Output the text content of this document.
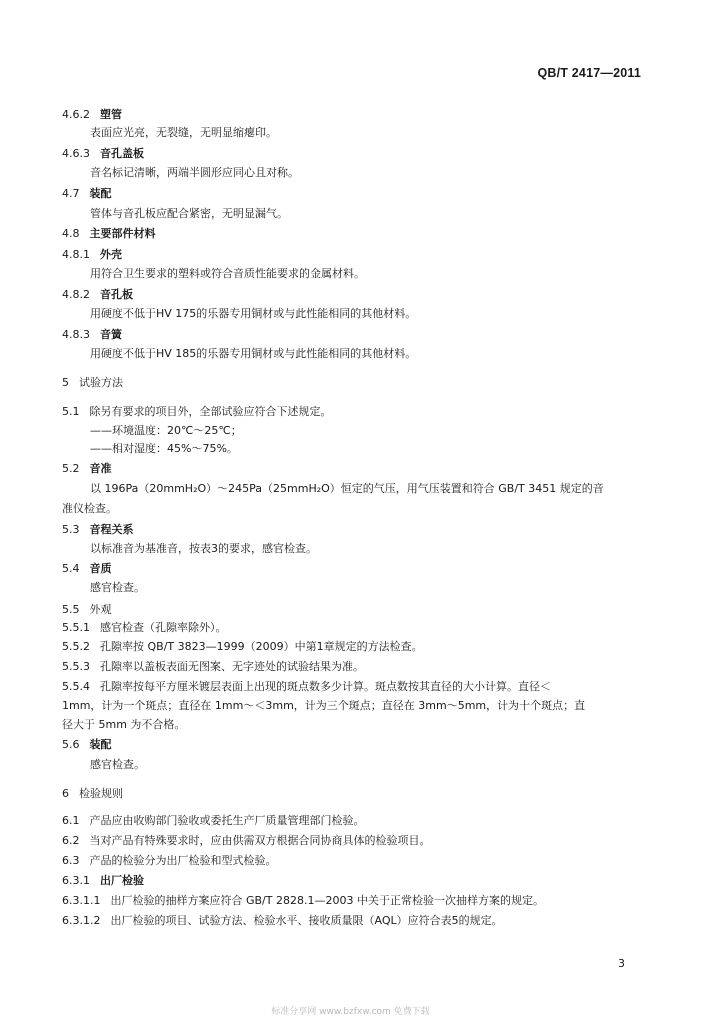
QB/T 2417—2011
4.6.2 塑管
表面应光亮，无裂缝，无明显缩瘪印。
4.6.3 音孔盖板
音名标记清晰，两端半圆形应同心且对称。
4.7 装配
管体与音孔板应配合紧密，无明显漏气。
4.8 主要部件材料
4.8.1 外壳
用符合卫生要求的塑料或符合音质性能要求的金属材料。
4.8.2 音孔板
用硬度不低于HV 175的乐器专用铜材或与此性能相同的其他材料。
4.8.3 音簧
用硬度不低于HV 185的乐器专用铜材或与此性能相同的其他材料。
5 试验方法
5.1 除另有要求的项目外，全部试验应符合下述规定。
——环境温度：20℃～25℃；
——相对湿度：45%～75%。
5.2 音准
以 196Pa（20mmH₂O）～245Pa（25mmH₂O）恒定的气压，用气压装置和符合 GB/T 3451 规定的音
准仪检查。
5.3 音程关系
以标准音为基准音，按表3的要求，感官检查。
5.4 音质
感官检查。
5.5 外观
5.5.1 感官检查（孔隙率除外）。
5.5.2 孔隙率按 QB/T 3823—1999（2009）中第1章规定的方法检查。
5.5.3 孔隙率以盖板表面无图案、无字迹处的试验结果为准。
5.5.4 孔隙率按每平方厘米镀层表面上出现的斑点数多少计算。斑点数按其直径的大小计算。直径＜
1mm，计为一个斑点；直径在 1mm～＜3mm，计为三个斑点；直径在 3mm～5mm，计为十个斑点；直
径大于 5mm 为不合格。
5.6 装配
感官检查。
6 检验规则
6.1 产品应由收购部门验收或委托生产厂质量管理部门检验。
6.2 当对产品有特殊要求时，应由供需双方根据合同协商具体的检验项目。
6.3 产品的检验分为出厂检验和型式检验。
6.3.1 出厂检验
6.3.1.1 出厂检验的抽样方案应符合 GB/T 2828.1—2003 中关于正常检验一次抽样方案的规定。
6.3.1.2 出厂检验的项目、试验方法、检验水平、接收质量限（AQL）应符合表5的规定。
3
标准分享网 www.bzfxw.com 免费下载
